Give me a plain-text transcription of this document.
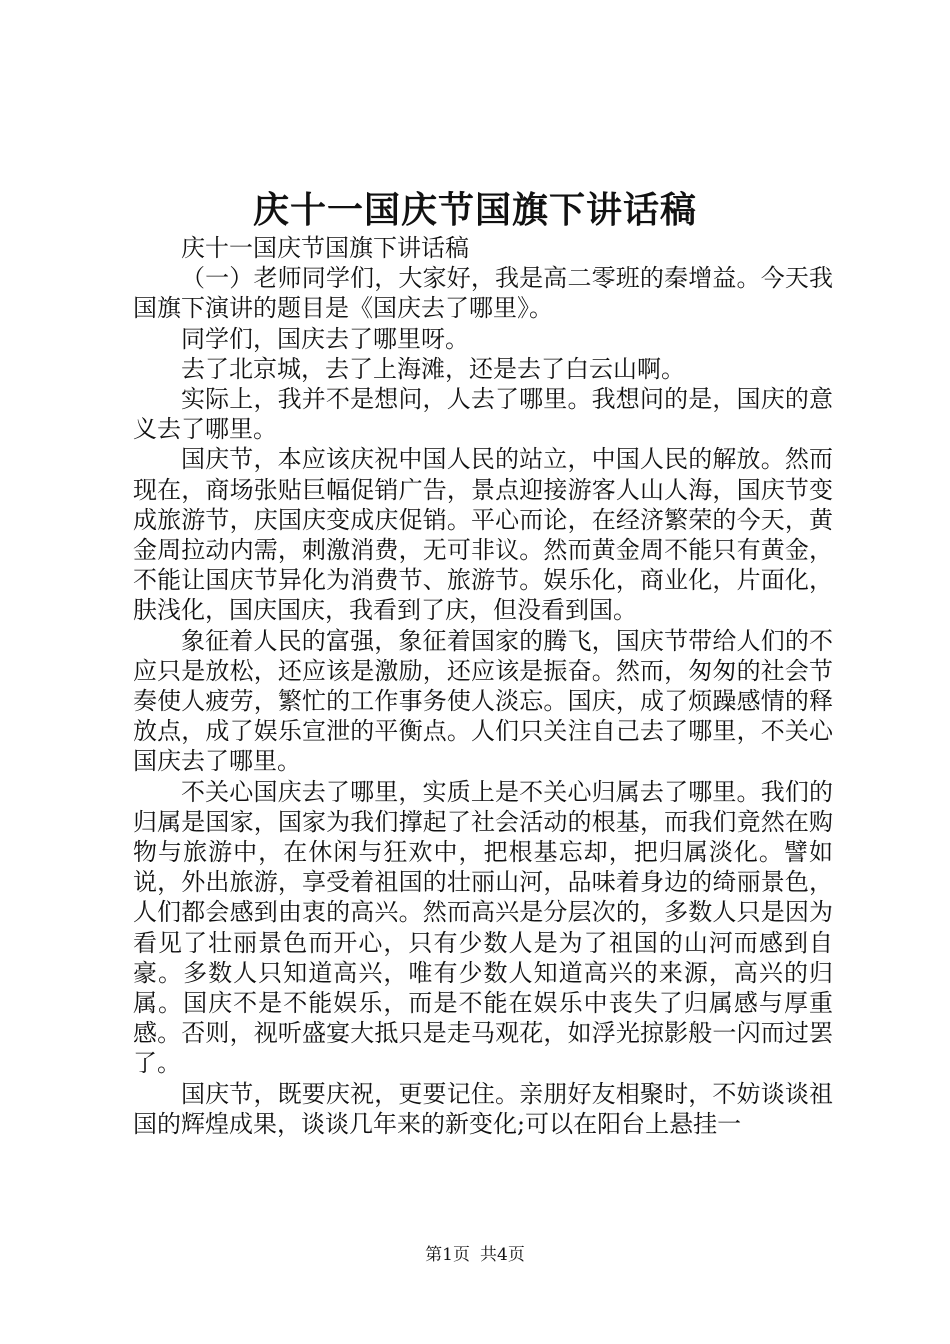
庆十一国庆节国旗下讲话稿

庆十一国庆节国旗下讲话稿

（一）老师同学们，大家好，我是高二零班的秦增益。今天我国旗下演讲的题目是《国庆去了哪里》。

同学们，国庆去了哪里呀。

去了北京城，去了上海滩，还是去了白云山啊。

实际上，我并不是想问，人去了哪里。我想问的是，国庆的意义去了哪里。

国庆节，本应该庆祝中国人民的站立，中国人民的解放。然而现在，商场张贴巨幅促销广告，景点迎接游客人山人海，国庆节变成旅游节，庆国庆变成庆促销。平心而论，在经济繁荣的今天，黄金周拉动内需，刺激消费，无可非议。然而黄金周不能只有黄金，不能让国庆节异化为消费节、旅游节。娱乐化，商业化，片面化，肤浅化，国庆国庆，我看到了庆，但没看到国。

象征着人民的富强，象征着国家的腾飞，国庆节带给人们的不应只是放松，还应该是激励，还应该是振奋。然而，匆匆的社会节奏使人疲劳，繁忙的工作事务使人淡忘。国庆，成了烦躁感情的释放点，成了娱乐宣泄的平衡点。人们只关注自己去了哪里，不关心国庆去了哪里。

不关心国庆去了哪里，实质上是不关心归属去了哪里。我们的归属是国家，国家为我们撑起了社会活动的根基，而我们竟然在购物与旅游中，在休闲与狂欢中，把根基忘却，把归属淡化。譬如说，外出旅游，享受着祖国的壮丽山河，品味着身边的绮丽景色，人们都会感到由衷的高兴。然而高兴是分层次的，多数人只是因为看见了壮丽景色而开心，只有少数人是为了祖国的山河而感到自豪。多数人只知道高兴，唯有少数人知道高兴的来源，高兴的归属。国庆不是不能娱乐，而是不能在娱乐中丧失了归属感与厚重感。否则，视听盛宴大抵只是走马观花，如浮光掠影般一闪而过罢了。

国庆节，既要庆祝，更要记住。亲朋好友相聚时，不妨谈谈祖国的辉煌成果，谈谈几年来的新变化;可以在阳台上悬挂一

第1页 共4页
